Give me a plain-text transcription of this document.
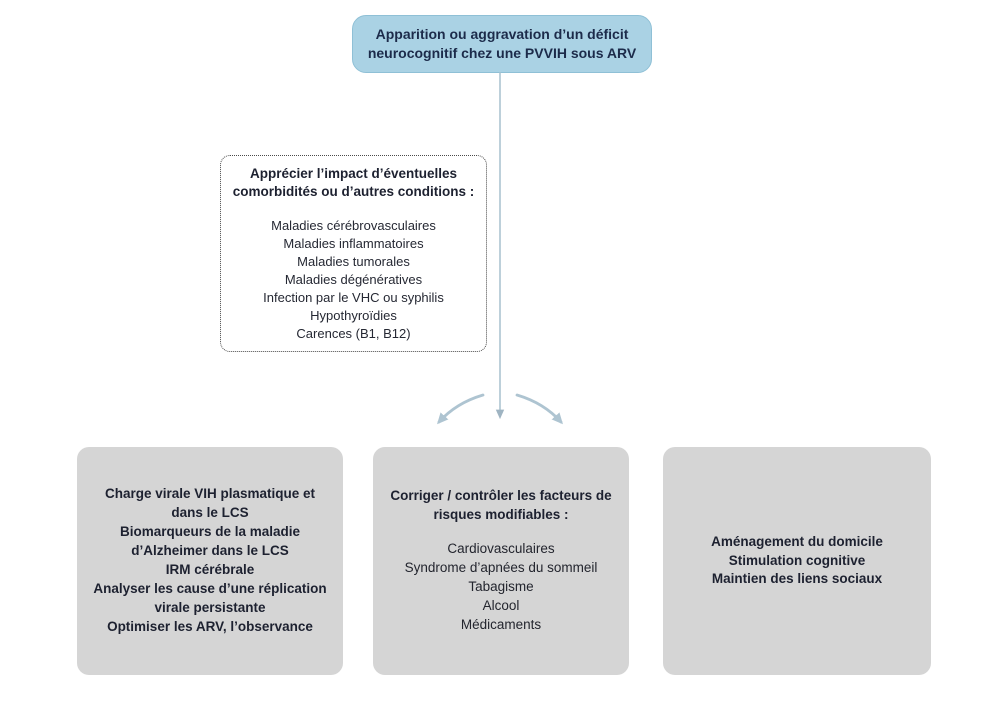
Apparition ou aggravation d’un déficit neurocognitif chez une PVVIH sous ARV
Apprécier l’impact d’éventuelles comorbidités ou d’autres conditions :
Maladies cérébrovasculaires
Maladies inflammatoires
Maladies tumorales
Maladies dégénératives
Infection par le VHC ou syphilis
Hypothyroïdies
Carences (B1, B12)
Charge virale VIH plasmatique et dans le LCS
Biomarqueurs de la maladie d’Alzheimer dans le LCS
IRM cérébrale
Analyser les cause d’une réplication virale persistante
Optimiser les ARV, l’observance
Corriger / contrôler les facteurs de risques modifiables :
Cardiovasculaires
Syndrome d’apnées du sommeil
Tabagisme
Alcool
Médicaments
Aménagement du domicile
Stimulation cognitive
Maintien des liens sociaux
